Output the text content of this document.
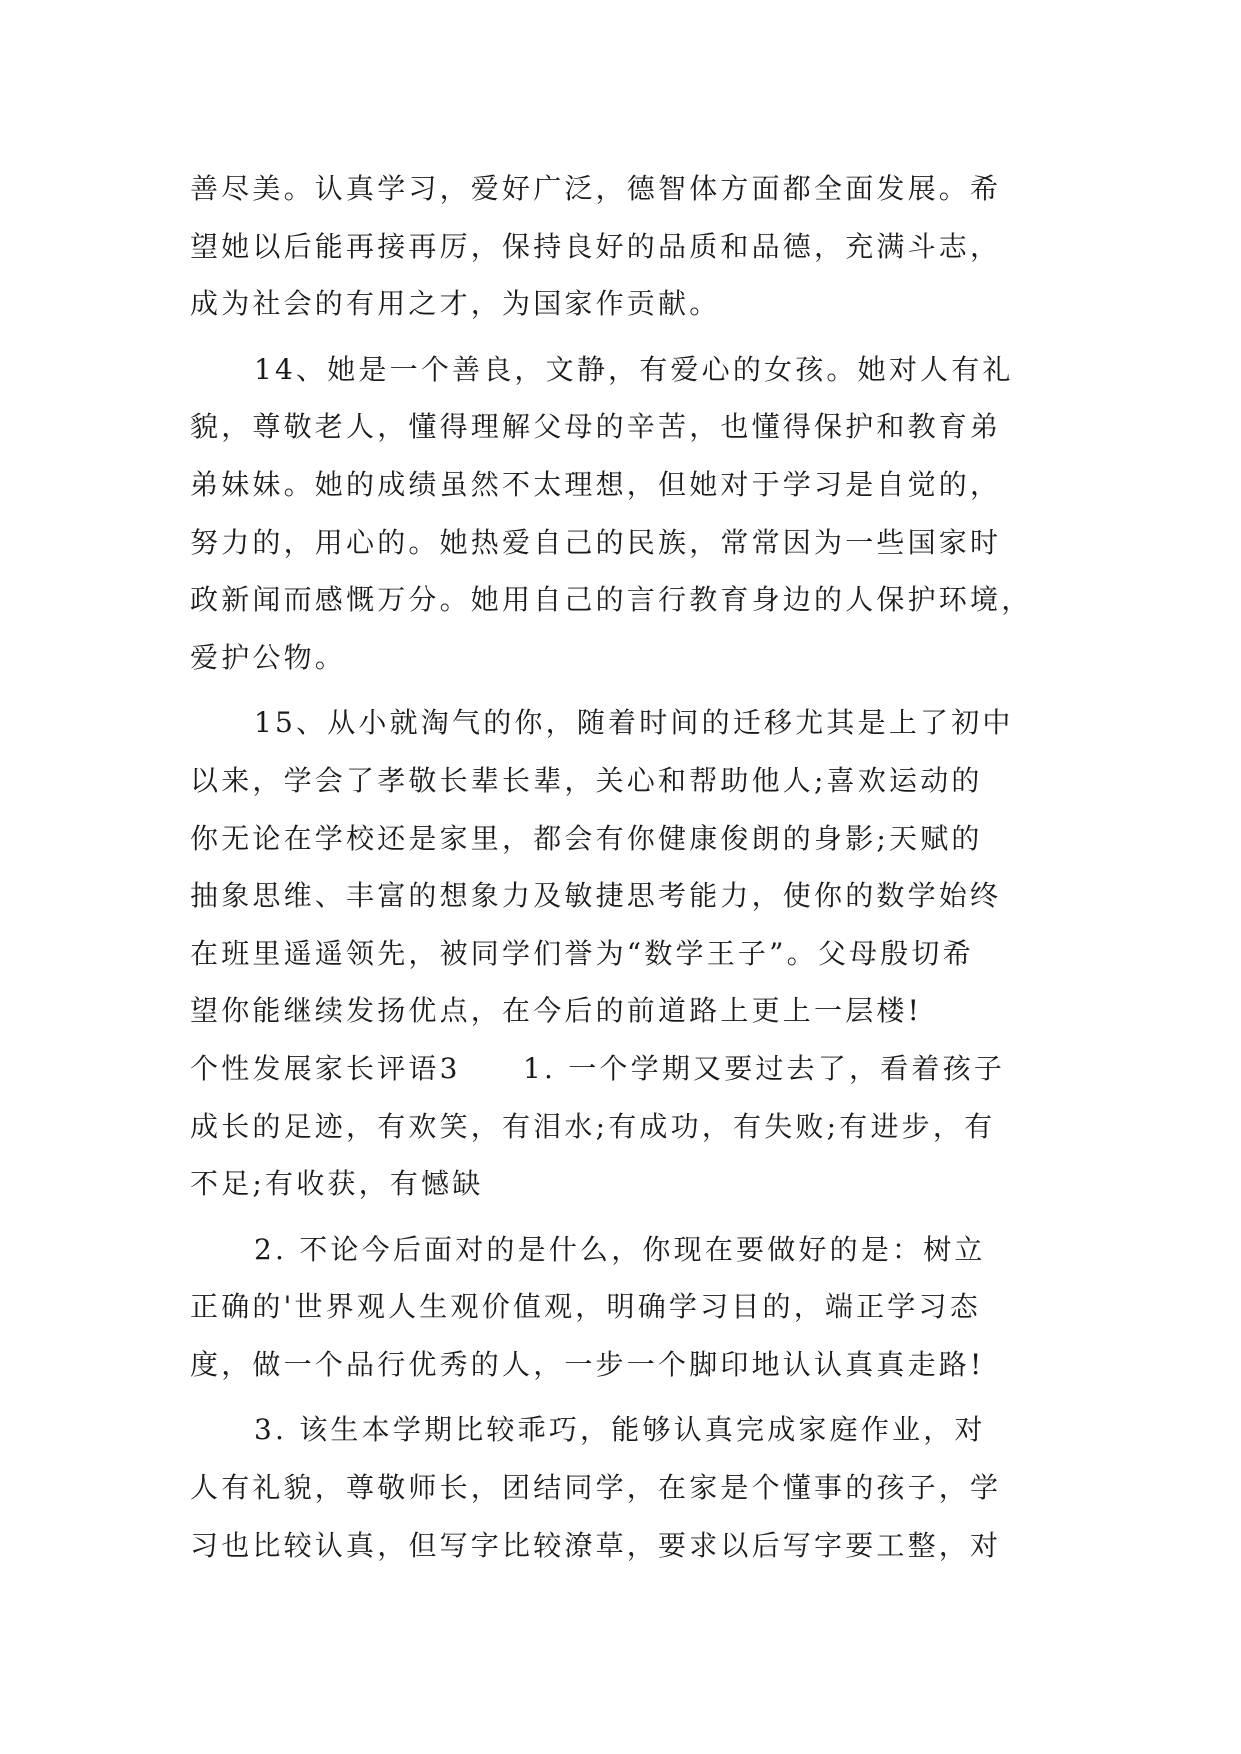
善尽美。认真学习，爱好广泛，德智体方面都全面发展。希
望她以后能再接再厉，保持良好的品质和品德，充满斗志，
成为社会的有用之才，为国家作贡献。
14、她是一个善良，文静，有爱心的女孩。她对人有礼
貌，尊敬老人，懂得理解父母的辛苦，也懂得保护和教育弟
弟妹妹。她的成绩虽然不太理想，但她对于学习是自觉的，
努力的，用心的。她热爱自己的民族，常常因为一些国家时
政新闻而感慨万分。她用自己的言行教育身边的人保护环境，
爱护公物。
15、从小就淘气的你，随着时间的迁移尤其是上了初中
以来，学会了孝敬长辈长辈，关心和帮助他人;喜欢运动的
你无论在学校还是家里，都会有你健康俊朗的身影;天赋的
抽象思维、丰富的想象力及敏捷思考能力，使你的数学始终
在班里遥遥领先，被同学们誉为“数学王子”。父母殷切希
望你能继续发扬优点，在今后的前道路上更上一层楼!
个性发展家长评语3　　1. 一个学期又要过去了，看着孩子
成长的足迹，有欢笑，有泪水;有成功，有失败;有进步，有
不足;有收获，有憾缺
2. 不论今后面对的是什么，你现在要做好的是：树立
正确的'世界观人生观价值观，明确学习目的，端正学习态
度，做一个品行优秀的人，一步一个脚印地认认真真走路!
3. 该生本学期比较乖巧，能够认真完成家庭作业，对
人有礼貌，尊敬师长，团结同学，在家是个懂事的孩子，学
习也比较认真，但写字比较潦草，要求以后写字要工整，对
